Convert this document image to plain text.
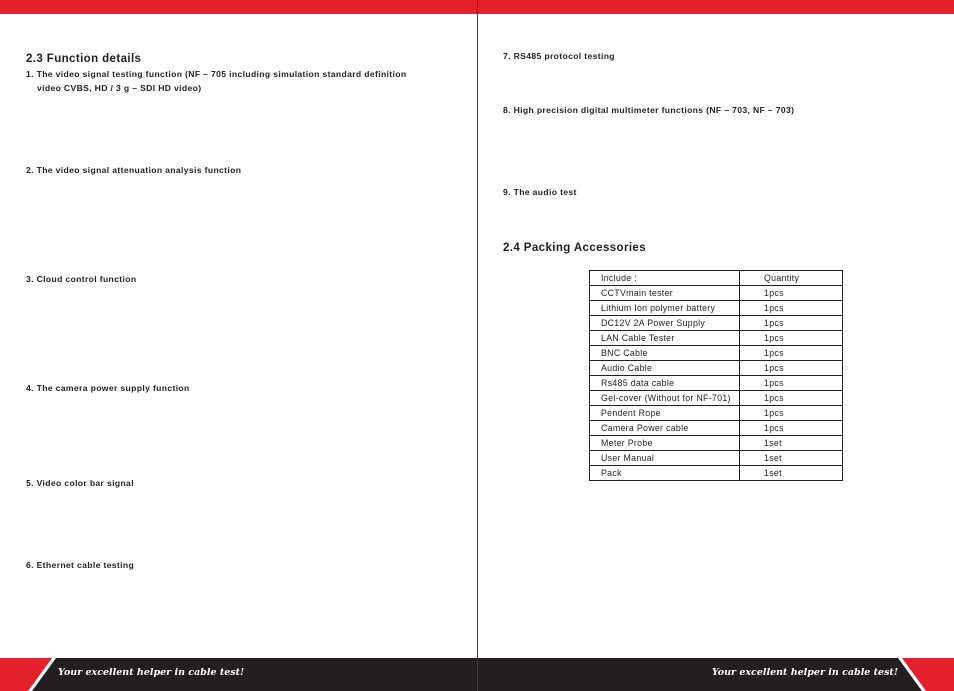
2.3 Function details
1. The video signal testing function (NF – 705 including simulation standard definition
video CVBS, HD / 3 g – SDI HD video)
2. The video signal attenuation analysis function
3. Cloud control function
4. The camera power supply function
5. Video color bar signal
6. Ethernet cable testing
Your excellent helper in cable test!
7. RS485 protocol testing
8. High precision digital multimeter functions (NF – 703, NF – 703)
9. The audio test
2.4 Packing Accessories
Your excellent helper in cable test!
Include :	Quantity
CCTVmain tester	1pcs
Lithium Ion polymer battery	1pcs
DC12V 2A Power Supply	1pcs
LAN Cable Tester	1pcs
BNC Cable	1pcs
Audio Cable	1pcs
Rs485 data cable	1pcs
Gel-cover (Without for NF-701)	1pcs
Pendent Rope	1pcs
Camera Power cable	1pcs
Meter Probe	1set
User Manual	1set
Pack	1set
